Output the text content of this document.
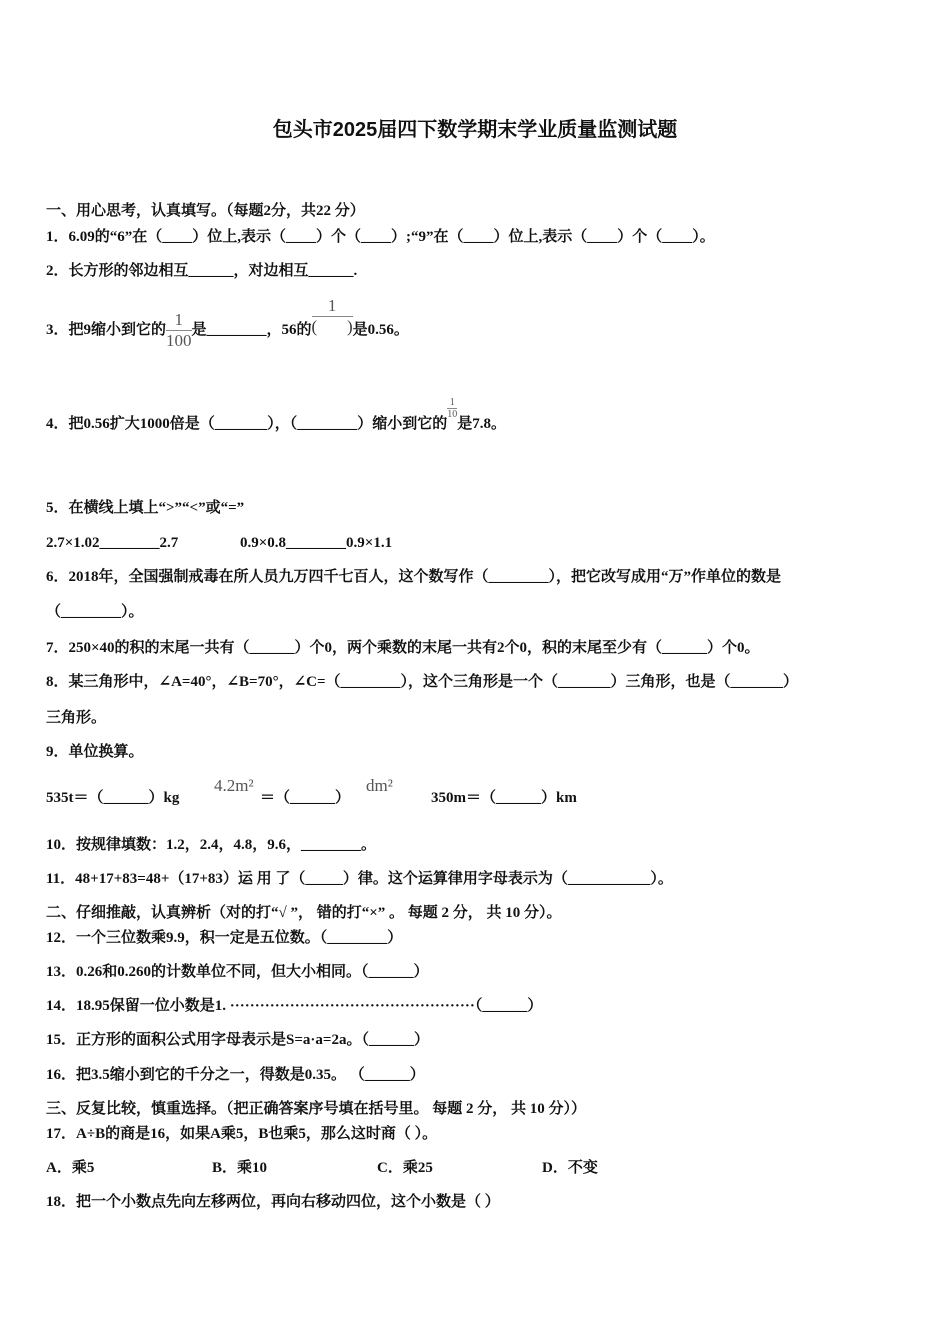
包头市2025届四下数学期末学业质量监测试题
一、用心思考，认真填写。（每题2分，共22 分）
1．6.09的“6”在（____）位上,表示（____）个（____）;“9”在（____）位上,表示（____）个（____）。
2．长方形的邻边相互______，对边相互______.
3．把9缩小到它的 $\frac{1}{100}$ 是________，56的 $\frac{1}{( )}$ 是0.56。
4．把0.56扩大1000倍是（_______），（________）缩小到它的
$\frac{1}{10}$
是7.8。
5．在横线上填上“>”“<”或“=”
2.7×1.02________2.7	0.9×0.8________0.9×1.1
6．2018年，全国强制戒毒在所人员九万四千七百人，这个数写作（________），把它改写成用“万”作单位的数是
（________）。
7．250×40的积的末尾一共有（______）个0，两个乘数的末尾一共有2个0，积的末尾至少有（______）个0。
8．某三角形中，∠A=40°，∠B=70°，∠C=（________），这个三角形是一个（_______）三角形，也是（_______）
三角形。
9．单位换算。
535t＝（______）kg
4.2m²
＝（______）
dm²
350m＝（______）km
10．按规律填数：1.2，2.4，4.8，9.6，________。
11．48+17+83=48+（17+83）运 用 了（_____）律。这个运算律用字母表示为（___________）。
二、仔细推敲，认真辨析（对的打“√ ”， 错的打“×” 。 每题 2 分， 共 10 分）。
12．一个三位数乘9.9，积一定是五位数。（________）
13．0.26和0.260的计数单位不同，但大小相同。（______）
14．18.95保留一位小数是1. ·················································（______）
15．正方形的面积公式用字母表示是S=a·a=2a。（______）
16．把3.5缩小到它的千分之一，得数是0.35。 （______）
三、反复比较，慎重选择。（把正确答案序号填在括号里。 每题 2 分， 共 10 分））
17．A÷B的商是16，如果A乘5，B也乘5，那么这时商（ ）。
A．乘5	B．乘10	C．乘25	D．不变
18．把一个小数点先向左移两位，再向右移动四位，这个小数是（ ）
